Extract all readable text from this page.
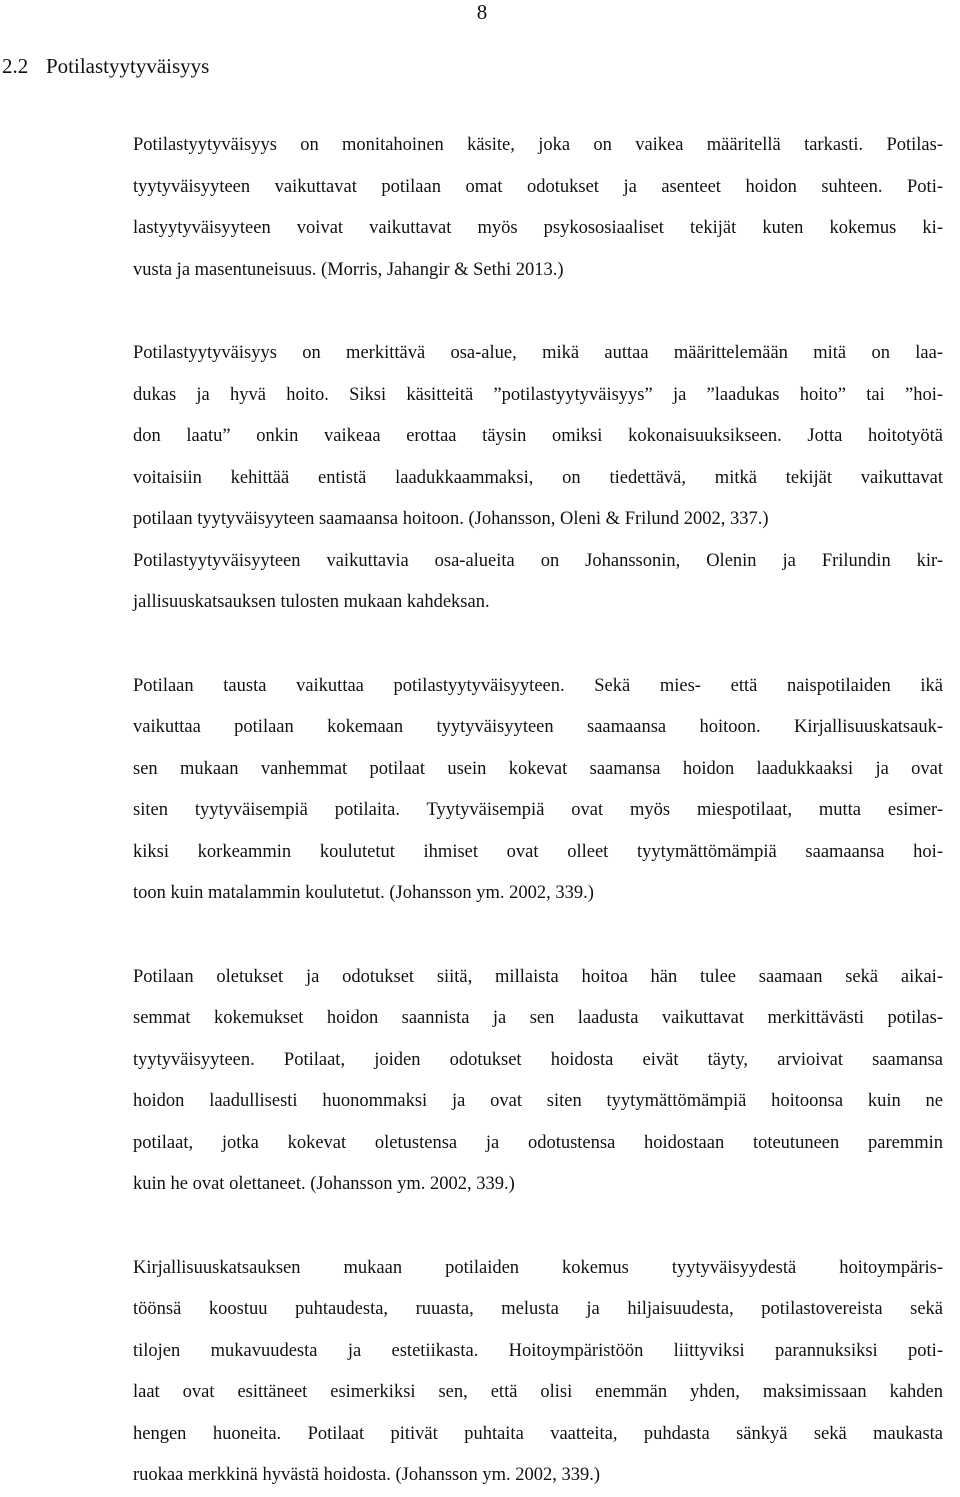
8
2.2 Potilastyytyväisyys
Potilastyytyväisyys on monitahoinen käsite, joka on vaikea määritellä tarkasti. Potilas-
tyytyväisyyteen vaikuttavat potilaan omat odotukset ja asenteet hoidon suhteen. Poti-
lastyytyväisyyteen voivat vaikuttavat myös psykososiaaliset tekijät kuten kokemus ki-
vusta ja masentuneisuus. (Morris, Jahangir & Sethi 2013.)
Potilastyytyväisyys on merkittävä osa-alue, mikä auttaa määrittelemään mitä on laa-
dukas ja hyvä hoito. Siksi käsitteitä ”potilastyytyväisyys” ja ”laadukas hoito” tai ”hoi-
don laatu” onkin vaikeaa erottaa täysin omiksi kokonaisuuksikseen. Jotta hoitotyötä
voitaisiin kehittää entistä laadukkaammaksi, on tiedettävä, mitkä tekijät vaikuttavat
potilaan tyytyväisyyteen saamaansa hoitoon. (Johansson, Oleni & Frilund 2002, 337.)
Potilastyytyväisyyteen vaikuttavia osa-alueita on Johanssonin, Olenin ja Frilundin kir-
jallisuuskatsauksen tulosten mukaan kahdeksan.
Potilaan tausta vaikuttaa potilastyytyväisyyteen. Sekä mies- että naispotilaiden ikä
vaikuttaa potilaan kokemaan tyytyväisyyteen saamaansa hoitoon. Kirjallisuuskatsauk-
sen mukaan vanhemmat potilaat usein kokevat saamansa hoidon laadukkaaksi ja ovat
siten tyytyväisempiä potilaita. Tyytyväisempiä ovat myös miespotilaat, mutta esimer-
kiksi korkeammin koulutetut ihmiset ovat olleet tyytymättömämpiä saamaansa hoi-
toon kuin matalammin koulutetut. (Johansson ym. 2002, 339.)
Potilaan oletukset ja odotukset siitä, millaista hoitoa hän tulee saamaan sekä aikai-
semmat kokemukset hoidon saannista ja sen laadusta vaikuttavat merkittävästi potilas-
tyytyväisyyteen. Potilaat, joiden odotukset hoidosta eivät täyty, arvioivat saamansa
hoidon laadullisesti huonommaksi ja ovat siten tyytymättömämpiä hoitoonsa kuin ne
potilaat, jotka kokevat oletustensa ja odotustensa hoidostaan toteutuneen paremmin
kuin he ovat olettaneet. (Johansson ym. 2002, 339.)
Kirjallisuuskatsauksen mukaan potilaiden kokemus tyytyväisyydestä hoitoympäris-
töönsä koostuu puhtaudesta, ruuasta, melusta ja hiljaisuudesta, potilastovereista sekä
tilojen mukavuudesta ja estetiikasta. Hoitoympäristöön liittyviksi parannuksiksi poti-
laat ovat esittäneet esimerkiksi sen, että olisi enemmän yhden, maksimissaan kahden
hengen huoneita. Potilaat pitivät puhtaita vaatteita, puhdasta sänkyä sekä maukasta
ruokaa merkkinä hyvästä hoidosta. (Johansson ym. 2002, 339.)
